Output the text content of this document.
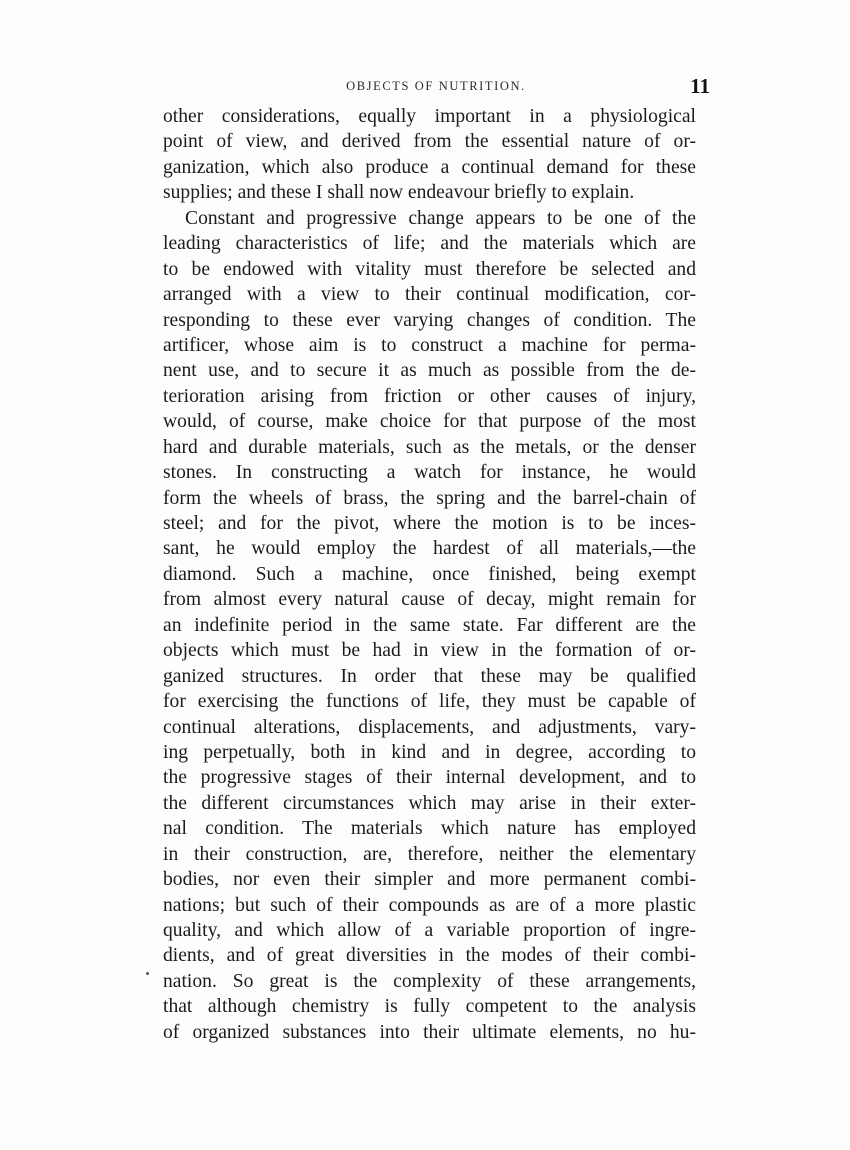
OBJECTS OF NUTRITION.	11
other considerations, equally important in a physiological
point of view, and derived from the essential nature of or-
ganization, which also produce a continual demand for these
supplies; and these I shall now endeavour briefly to explain.
Constant and progressive change appears to be one of the
leading characteristics of life; and the materials which are
to be endowed with vitality must therefore be selected and
arranged with a view to their continual modification, cor-
responding to these ever varying changes of condition. The
artificer, whose aim is to construct a machine for perma-
nent use, and to secure it as much as possible from the de-
terioration arising from friction or other causes of injury,
would, of course, make choice for that purpose of the most
hard and durable materials, such as the metals, or the denser
stones. In constructing a watch for instance, he would
form the wheels of brass, the spring and the barrel-chain of
steel; and for the pivot, where the motion is to be inces-
sant, he would employ the hardest of all materials,—the
diamond. Such a machine, once finished, being exempt
from almost every natural cause of decay, might remain for
an indefinite period in the same state. Far different are the
objects which must be had in view in the formation of or-
ganized structures. In order that these may be qualified
for exercising the functions of life, they must be capable of
continual alterations, displacements, and adjustments, vary-
ing perpetually, both in kind and in degree, according to
the progressive stages of their internal development, and to
the different circumstances which may arise in their exter-
nal condition. The materials which nature has employed
in their construction, are, therefore, neither the elementary
bodies, nor even their simpler and more permanent combi-
nations; but such of their compounds as are of a more plastic
quality, and which allow of a variable proportion of ingre-
dients, and of great diversities in the modes of their combi-
nation. So great is the complexity of these arrangements,
that although chemistry is fully competent to the analysis
of organized substances into their ultimate elements, no hu-
